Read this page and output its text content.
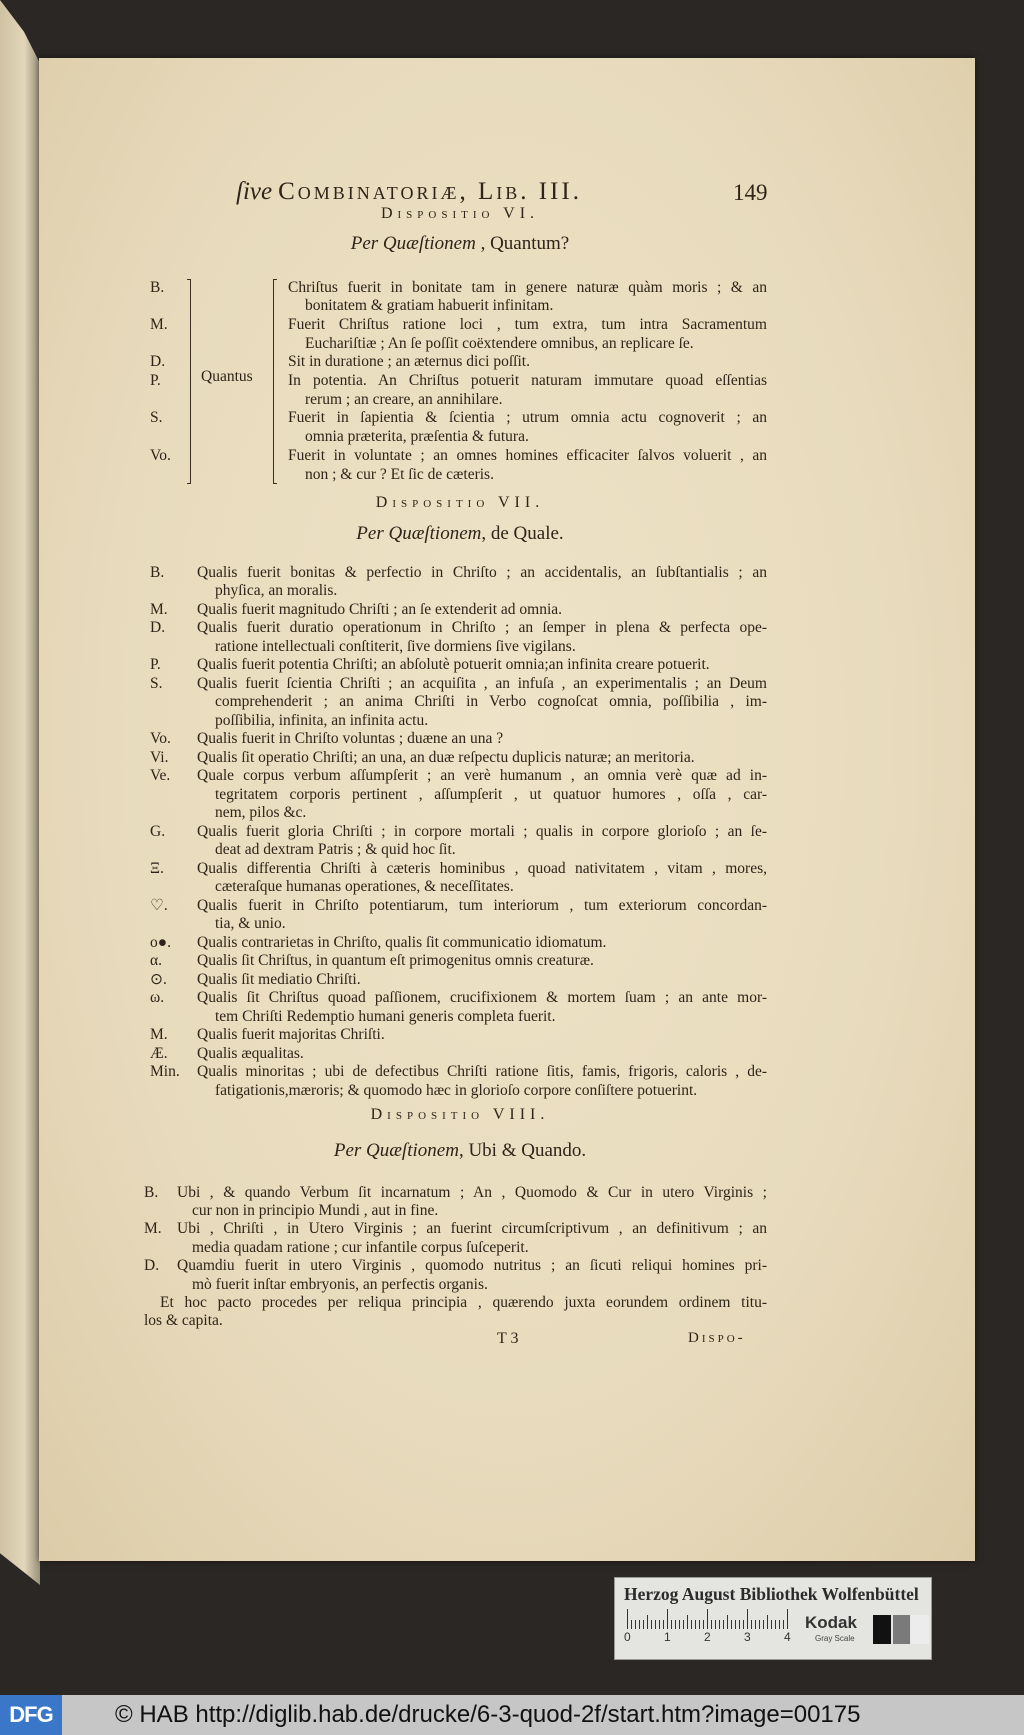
ſive Combinatoriæ, Lib. III.	149
Dispositio VI.
Per Quæſtionem , Quantum?
B.	Chriſtus fuerit in bonitate tam in genere naturæ quàm moris ; & an
bonitatem & gratiam habuerit infinitam.
M.	Fuerit Chriſtus ratione loci , tum extra, tum intra Sacramentum
Euchariſtiæ ; An ſe poſſit coëxtendere omnibus, an replicare ſe.
D.	Sit in duratione ; an æternus dici poſſit.
P.	In potentia. An Chriſtus potuerit naturam immutare quoad eſſentias
rerum ; an creare, an annihilare.
S.	Fuerit in ſapientia & ſcientia ; utrum omnia actu cognoverit ; an
omnia præterita, præſentia & futura.
Vo.	Fuerit in voluntate ; an omnes homines efficaciter ſalvos voluerit , an
non ; & cur ? Et ſic de cæteris.
Quantus
Dispositio VII.
Per Quæſtionem, de Quale.
B. Qualis fuerit bonitas & perfectio in Chriſto ; an accidentalis, an ſubſtantialis ; an
phyſica, an moralis.
M. Qualis fuerit magnitudo Chriſti ; an ſe extenderit ad omnia.
D. Qualis fuerit duratio operationum in Chriſto ; an ſemper in plena & perfecta ope-
ratione intellectuali conſtiterit, ſive dormiens ſive vigilans.
P. Qualis fuerit potentia Chriſti; an abſolutè potuerit omnia;an infinita creare potuerit.
S. Qualis fuerit ſcientia Chriſti ; an acquiſita , an infuſa , an experimentalis ; an Deum
comprehenderit ; an anima Chriſti in Verbo cognoſcat omnia, poſſibilia , im-
poſſibilia, infinita, an infinita actu.
Vo. Qualis fuerit in Chriſto voluntas ; duæne an una ?
Vi. Qualis ſit operatio Chriſti; an una, an duæ reſpectu duplicis naturæ; an meritoria.
Ve. Quale corpus verbum aſſumpſerit ; an verè humanum , an omnia verè quæ ad in-
tegritatem corporis pertinent , aſſumpſerit , ut quatuor humores , oſſa , car-
nem, pilos &c.
G. Qualis fuerit gloria Chriſti ; in corpore mortali ; qualis in corpore glorioſo ; an ſe-
deat ad dextram Patris ; & quid hoc ſit.
Ξ. Qualis differentia Chriſti à cæteris hominibus , quoad nativitatem , vitam , mores,
cæteraſque humanas operationes, & neceſſitates.
♡. Qualis fuerit in Chriſto potentiarum, tum interiorum , tum exteriorum concordan-
tia, & unio.
o●. Qualis contrarietas in Chriſto, qualis ſit communicatio idiomatum.
α. Qualis ſit Chriſtus, in quantum eſt primogenitus omnis creaturæ.
⊙. Qualis ſit mediatio Chriſti.
ω. Qualis ſit Chriſtus quoad paſſionem, crucifixionem & mortem ſuam ; an ante mor-
tem Chriſti Redemptio humani generis completa fuerit.
M. Qualis fuerit majoritas Chriſti.
Æ. Qualis æqualitas.
Min. Qualis minoritas ; ubi de defectibus Chriſti ratione ſitis, famis, frigoris, caloris , de-
fatigationis,mæroris; & quomodo hæc in glorioſo corpore conſiſtere potuerint.
Dispositio VIII.
Per Quæſtionem, Ubi & Quando.
B. Ubi , & quando Verbum ſit incarnatum ; An , Quomodo & Cur in utero Virginis ;
cur non in principio Mundi , aut in fine.
M. Ubi , Chriſti , in Utero Virginis ; an fuerint circumſcriptivum , an definitivum ; an
media quadam ratione ; cur infantile corpus ſuſceperit.
D. Quamdiu fuerit in utero Virginis , quomodo nutritus ; an ſicuti reliqui homines pri-
mò fuerit inſtar embryonis, an perfectis organis.
Et hoc pacto procedes per reliqua principia , quærendo juxta eorundem ordinem titu-
los & capita.
T 3	Dispo-
Herzog August Bibliothek Wolfenbüttel
Kodak
Gray Scale
0	1	2	3	4
DFG	© HAB http://diglib.hab.de/drucke/6-3-quod-2f/start.htm?image=00175
